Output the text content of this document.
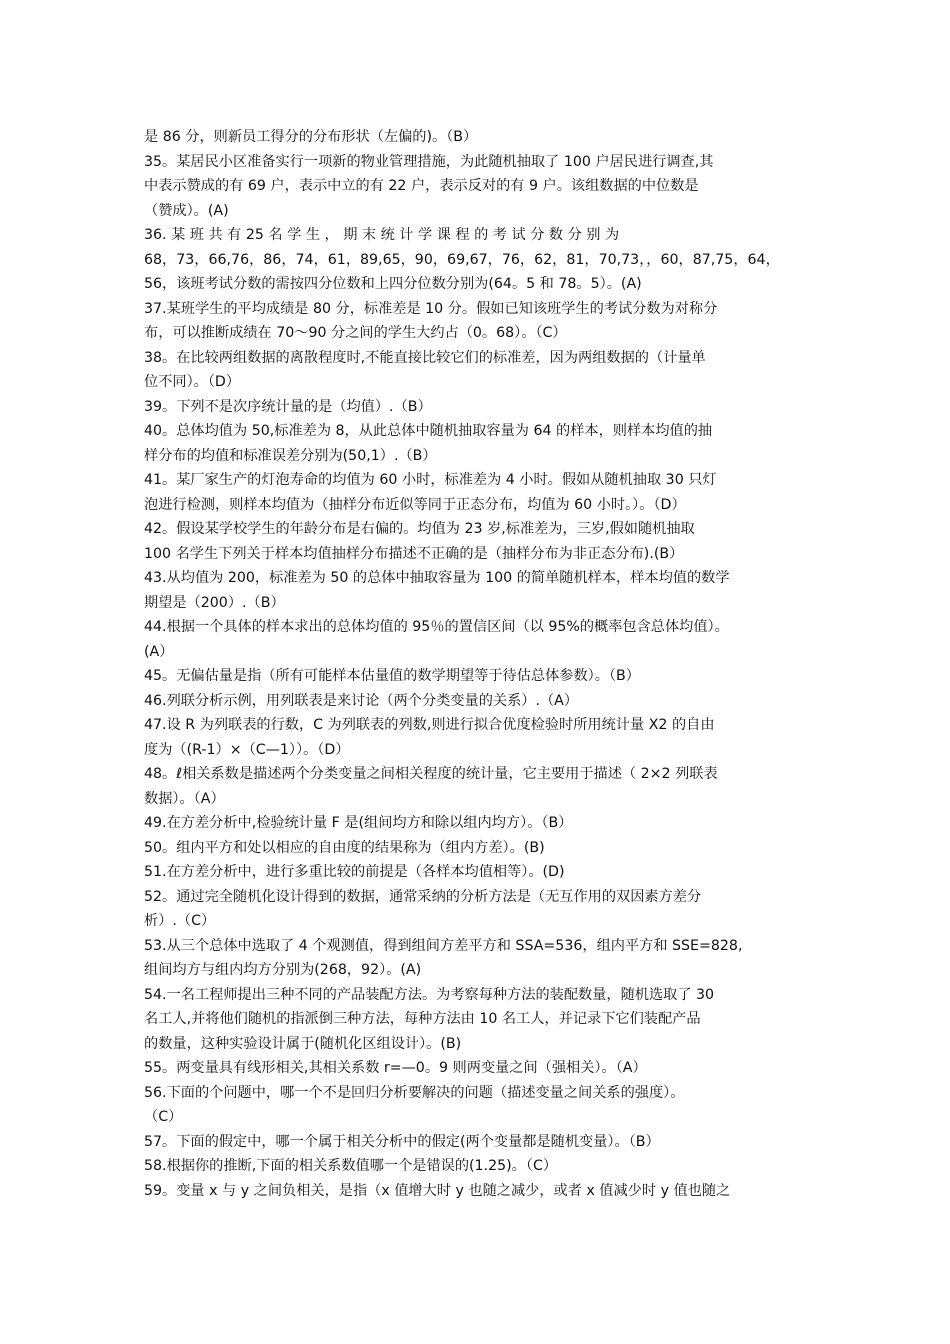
是 86 分，则新员工得分的分布形状（左偏的)。（B）
35。某居民小区准备实行一项新的物业管理措施，为此随机抽取了 100 户居民进行调查,其
中表示赞成的有 69 户，表示中立的有 22 户，表示反对的有 9 户。该组数据的中位数是
（赞成）。(A)
36. 某 班 共 有 25 名 学 生 ， 期 末 统 计 学 课 程 的 考 试 分 数 分 别 为
68，73，66,76，86，74，61，89,65，90，69,67，76，62，81，70,73，，60，87,75，64，
56，该班考试分数的需按四分位数和上四分位数分别为(64。5 和 78。5）。(A)
37.某班学生的平均成绩是 80 分，标准差是 10 分。假如已知该班学生的考试分数为对称分
布，可以推断成绩在 70～90 分之间的学生大约占（0。68）。（C）
38。在比较两组数据的离散程度时,不能直接比较它们的标准差，因为两组数据的（计量单
位不同）。（D）
39。下列不是次序统计量的是（均值）.（B）
40。总体均值为 50,标准差为 8，从此总体中随机抽取容量为 64 的样本，则样本均值的抽
样分布的均值和标准误差分别为(50,1）.（B）
41。某厂家生产的灯泡寿命的均值为 60 小时，标准差为 4 小时。假如从随机抽取 30 只灯
泡进行检测，则样本均值为（抽样分布近似等同于正态分布，均值为 60 小时。）。（D）
42。假设某学校学生的年龄分布是右偏的。均值为 23 岁,标准差为，三岁,假如随机抽取
100 名学生下列关于样本均值抽样分布描述不正确的是（抽样分布为非正态分布).(B）
43.从均值为 200，标准差为 50 的总体中抽取容量为 100 的简单随机样本，样本均值的数学
期望是（200）.（B）
44.根据一个具体的样本求出的总体均值的 95％的置信区间（以 95%的概率包含总体均值）。
(A）
45。无偏估量是指（所有可能样本估量值的数学期望等于待估总体参数）。（B）
46.列联分析示例，用列联表是来讨论（两个分类变量的关系）.（A）
47.设 R 为列联表的行数，C 为列联表的列数,则进行拟合优度检验时所用统计量 X2 的自由
度为（(R-1）×（C—1））。（D）
48。ℓ相关系数是描述两个分类变量之间相关程度的统计量，它主要用于描述（ 2×2 列联表
数据）。（A）
49.在方差分析中,检验统计量 F 是(组间均方和除以组内均方）。（B）
50。组内平方和处以相应的自由度的结果称为（组内方差）。(B)
51.在方差分析中，进行多重比较的前提是（各样本均值相等）。(D)
52。通过完全随机化设计得到的数据，通常采纳的分析方法是（无互作用的双因素方差分
析）.（C）
53.从三个总体中选取了 4 个观测值，得到组间方差平方和 SSA=536，组内平方和 SSE=828,
组间均方与组内均方分别为(268，92）。(A)
54.一名工程师提出三种不同的产品装配方法。为考察每种方法的装配数量，随机选取了 30
名工人,并将他们随机的指派倒三种方法，每种方法由 10 名工人，并记录下它们装配产品
的数量，这种实验设计属于(随机化区组设计）。(B)
55。两变量具有线形相关,其相关系数 r=—0。9 则两变量之间（强相关）。（A）
56.下面的个问题中，哪一个不是回归分析要解决的问题（描述变量之间关系的强度）。
（C）
57。下面的假定中，哪一个属于相关分析中的假定(两个变量都是随机变量）。（B）
58.根据你的推断,下面的相关系数值哪一个是错误的(1.25)。（C）
59。变量 x 与 y 之间负相关，是指（x 值增大时 y 也随之减少，或者 x 值减少时 y 值也随之
